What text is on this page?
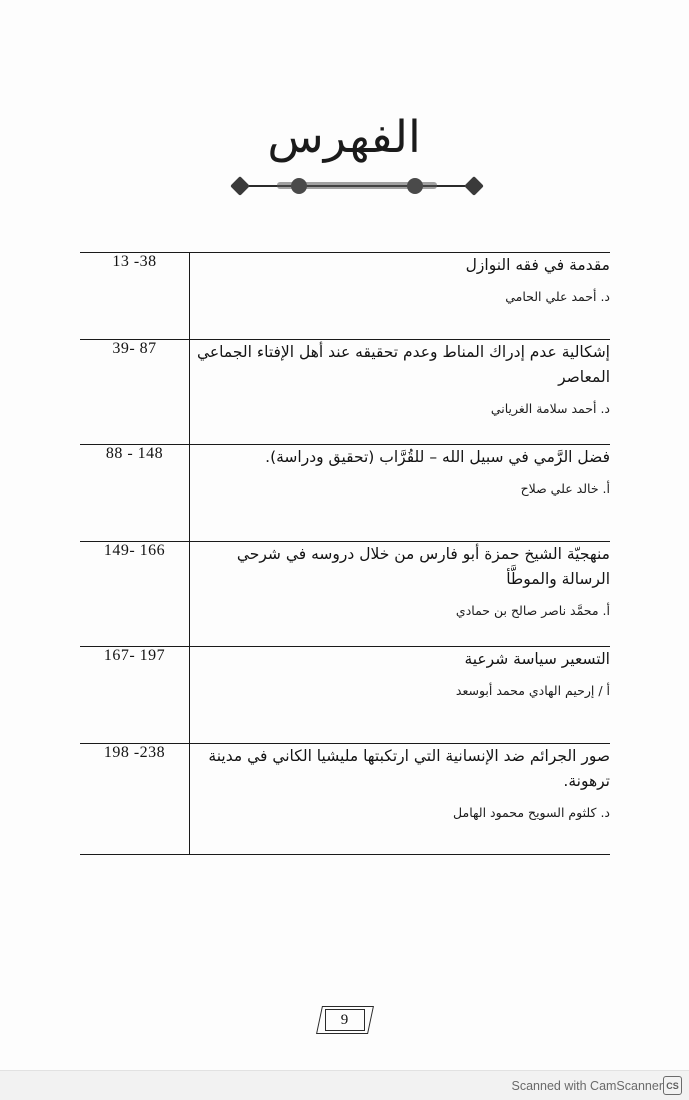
الفهرس
مقدمة في فقه النوازل
د. أحمد علي الحامي	13 -38

إشكالية عدم إدراك المناط وعدم تحقيقه عند أهل الإفتاء الجماعي المعاصر
د. أحمد سلامة الغرياني	39- 87

فضل الرَّمي في سبيل الله – للقُرَّاب (تحقيق ودراسة).
أ. خالد علي صلاح	88 - 148

منهجيّة الشيخ حمزة أبو فارس من خلال دروسه في شرحي الرسالة والموطَّأ
أ. محمَّد ناصر صالح بن حمادي	149- 166

التسعير سياسة شرعية
أ / إرحيم الهادي محمد أبوسعد	167- 197

صور الجرائم ضد الإنسانية التي ارتكبتها مليشيا الكاني في مدينة ترهونة.
د. كلثوم السويح محمود الهامل	198 -238
9
CS
Scanned with CamScanner
